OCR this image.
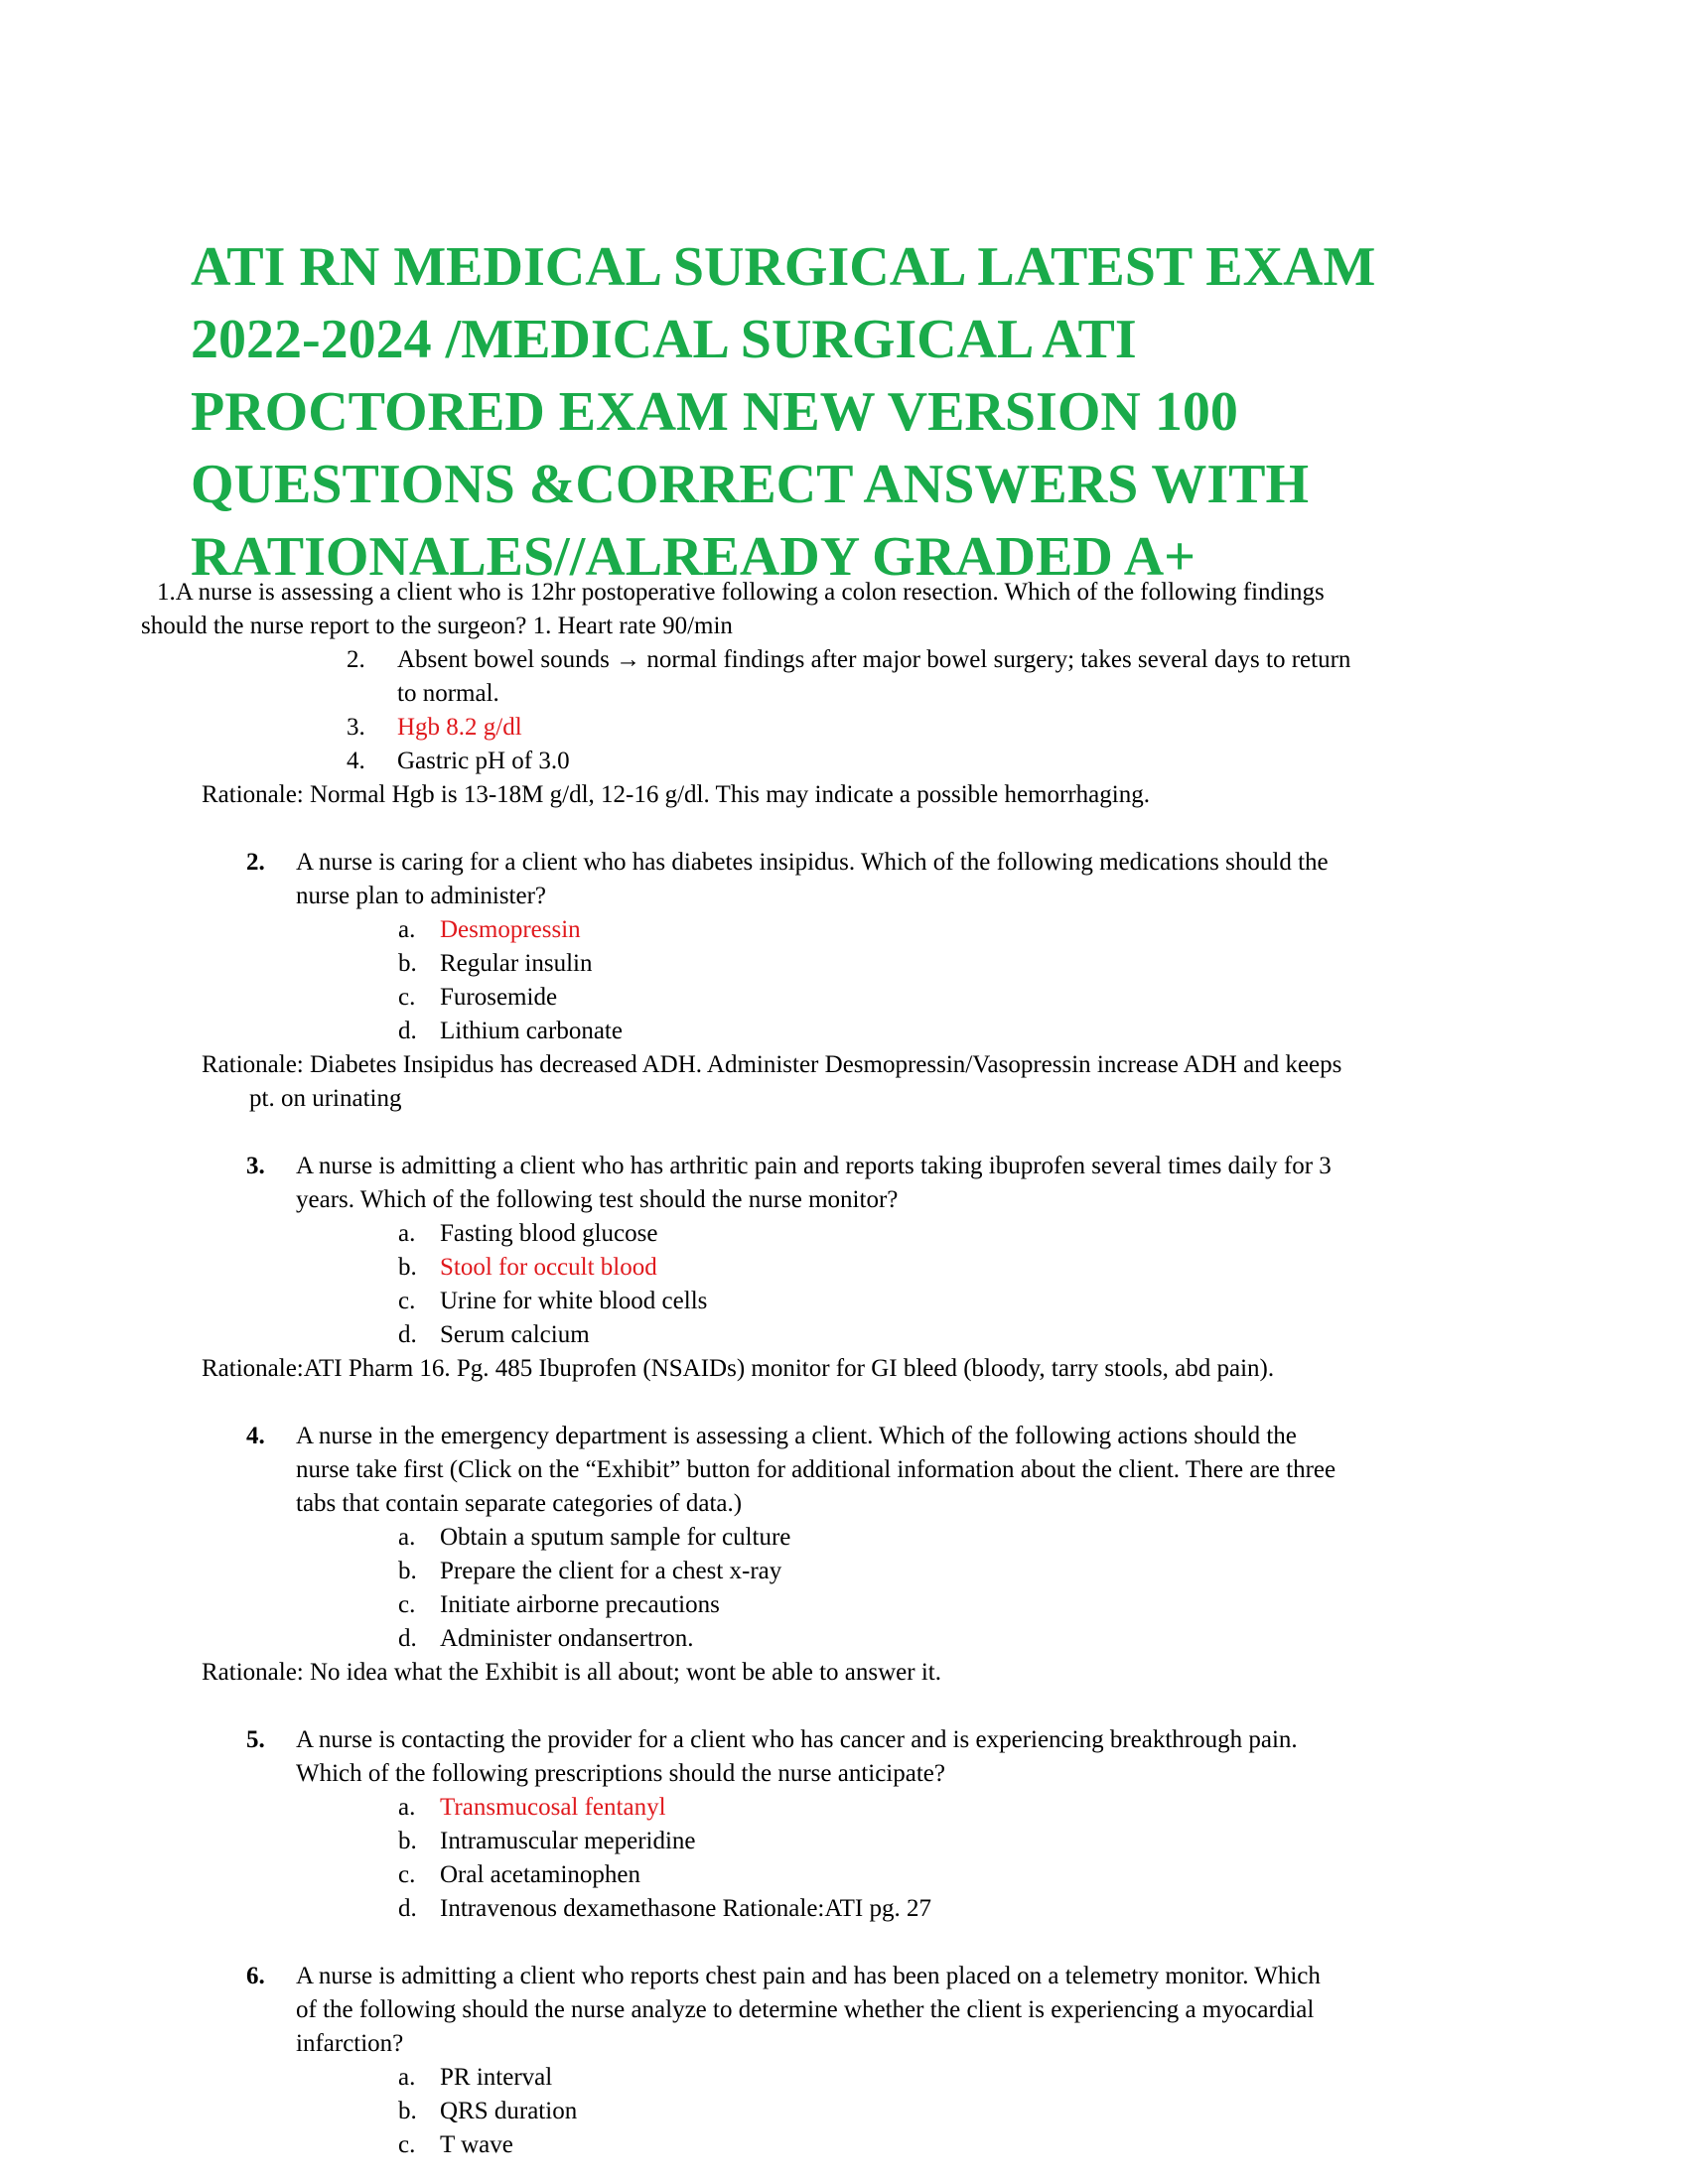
ATI RN MEDICAL SURGICAL LATEST EXAM
2022-2024 /MEDICAL SURGICAL ATI
PROCTORED EXAM NEW VERSION 100
QUESTIONS &CORRECT ANSWERS WITH
RATIONALES//ALREADY GRADED A+
1.A nurse is assessing a client who is 12hr postoperative following a colon resection. Which of the following findings
should the nurse report to the surgeon? 1. Heart rate 90/min
2. Absent bowel sounds → normal findings after major bowel surgery; takes several days to return
to normal.
3. Hgb 8.2 g/dl
4. Gastric pH of 3.0
Rationale: Normal Hgb is 13-18M g/dl, 12-16 g/dl. This may indicate a possible hemorrhaging.
2. A nurse is caring for a client who has diabetes insipidus. Which of the following medications should the
nurse plan to administer?
a. Desmopressin
b. Regular insulin
c. Furosemide
d. Lithium carbonate
Rationale: Diabetes Insipidus has decreased ADH. Administer Desmopressin/Vasopressin increase ADH and keeps
pt. on urinating
3. A nurse is admitting a client who has arthritic pain and reports taking ibuprofen several times daily for 3
years. Which of the following test should the nurse monitor?
a. Fasting blood glucose
b. Stool for occult blood
c. Urine for white blood cells
d. Serum calcium
Rationale:ATI Pharm 16. Pg. 485 Ibuprofen (NSAIDs) monitor for GI bleed (bloody, tarry stools, abd pain).
4. A nurse in the emergency department is assessing a client. Which of the following actions should the
nurse take first (Click on the “Exhibit” button for additional information about the client. There are three
tabs that contain separate categories of data.)
a. Obtain a sputum sample for culture
b. Prepare the client for a chest x-ray
c. Initiate airborne precautions
d. Administer ondansertron.
Rationale: No idea what the Exhibit is all about; wont be able to answer it.
5. A nurse is contacting the provider for a client who has cancer and is experiencing breakthrough pain.
Which of the following prescriptions should the nurse anticipate?
a. Transmucosal fentanyl
b. Intramuscular meperidine
c. Oral acetaminophen
d. Intravenous dexamethasone Rationale:ATI pg. 27
6. A nurse is admitting a client who reports chest pain and has been placed on a telemetry monitor. Which
of the following should the nurse analyze to determine whether the client is experiencing a myocardial
infarction?
a. PR interval
b. QRS duration
c. T wave
